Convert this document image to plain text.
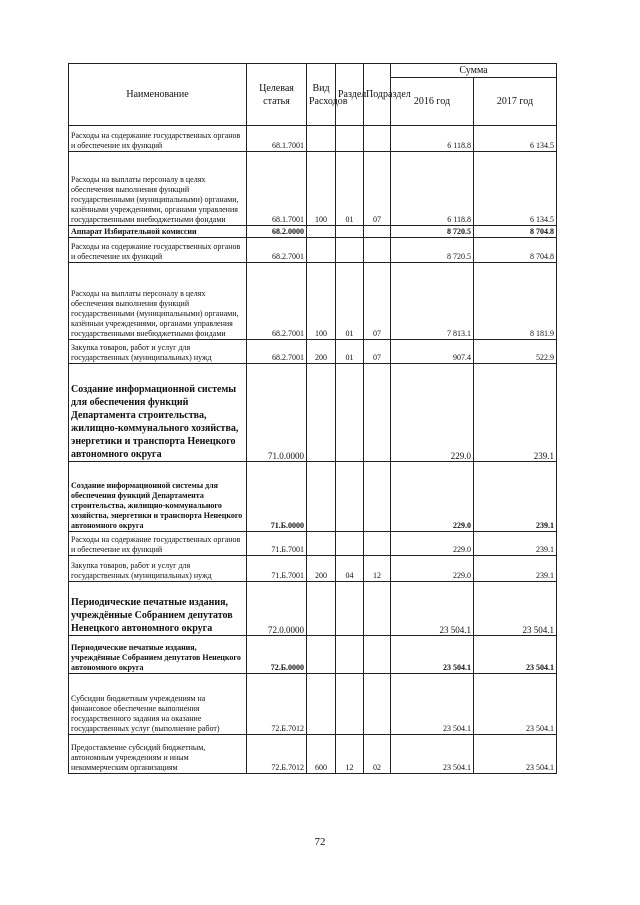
Наименование	Целевая статья	Вид Расходов	Раздел	Подраздел	Сумма	
					2016 год	2017 год
Расходы на содержание государственных органов и обеспечение их функций	68.1.7001				6 118.8	6 134.5
Расходы на выплаты персоналу в целях обеспечения выполнения функций государственными (муниципальными) органами, казёнными учреждениями, органами управления государственными внебюджетными фондами	68.1.7001	100	01	07	6 118.8	6 134.5
Аппарат Избирательной комиссии	68.2.0000				8 720.5	8 704.8
Расходы на содержание государственных органов и обеспечение их функций	68.2.7001				8 720.5	8 704.8
Расходы на выплаты персоналу в целях обеспечения выполнения функций государственными (муниципальными) органами, казённыи учреждениями, органами управления государственными внебюджетными фондами	68.2.7001	100	01	07	7 813.1	8 181.9
Закупка товаров, работ и услуг для государственных (муниципальных) нужд	68.2.7001	200	01	07	907.4	522.9
Создание информационной системы для обеспечения функций Департамента строительства, жилищно-коммунального хозяйства, энергетики и транспорта Ненецкого автономного округа	71.0.0000				229.0	239.1
Создание информационной системы для обеспечения функций Департамента строительства, жилищно-коммунального хозяйства, энергетики и транспорта Ненецкого автономного округа	71.Б.0000				229.0	239.1
Расходы на содержание государственных органов и обеспечение их функций	71.Б.7001				229.0	239.1
Закупка товаров, работ и услуг для государственных (муниципальных) нужд	71.Б.7001	200	04	12	229.0	239.1
Периодические печатные издания, учреждённые Собранием депутатов Ненецкого автономного округа	72.0.0000				23 504.1	23 504.1
Периодические печатные издания, учреждённые Собранием депутатов Ненецкого автономного округа	72.Б.0000				23 504.1	23 504.1
Субсидии бюджетным учреждениям на финансовое обеспечение выполнения государственного задания на оказание государственных услуг (выполнение работ)	72.Б.7012				23 504.1	23 504.1
Предоставление субсидий бюджетным, автономным учреждениям и иным некоммерческим организациям	72.Б.7012	600	12	02	23 504.1	23 504.1
72
